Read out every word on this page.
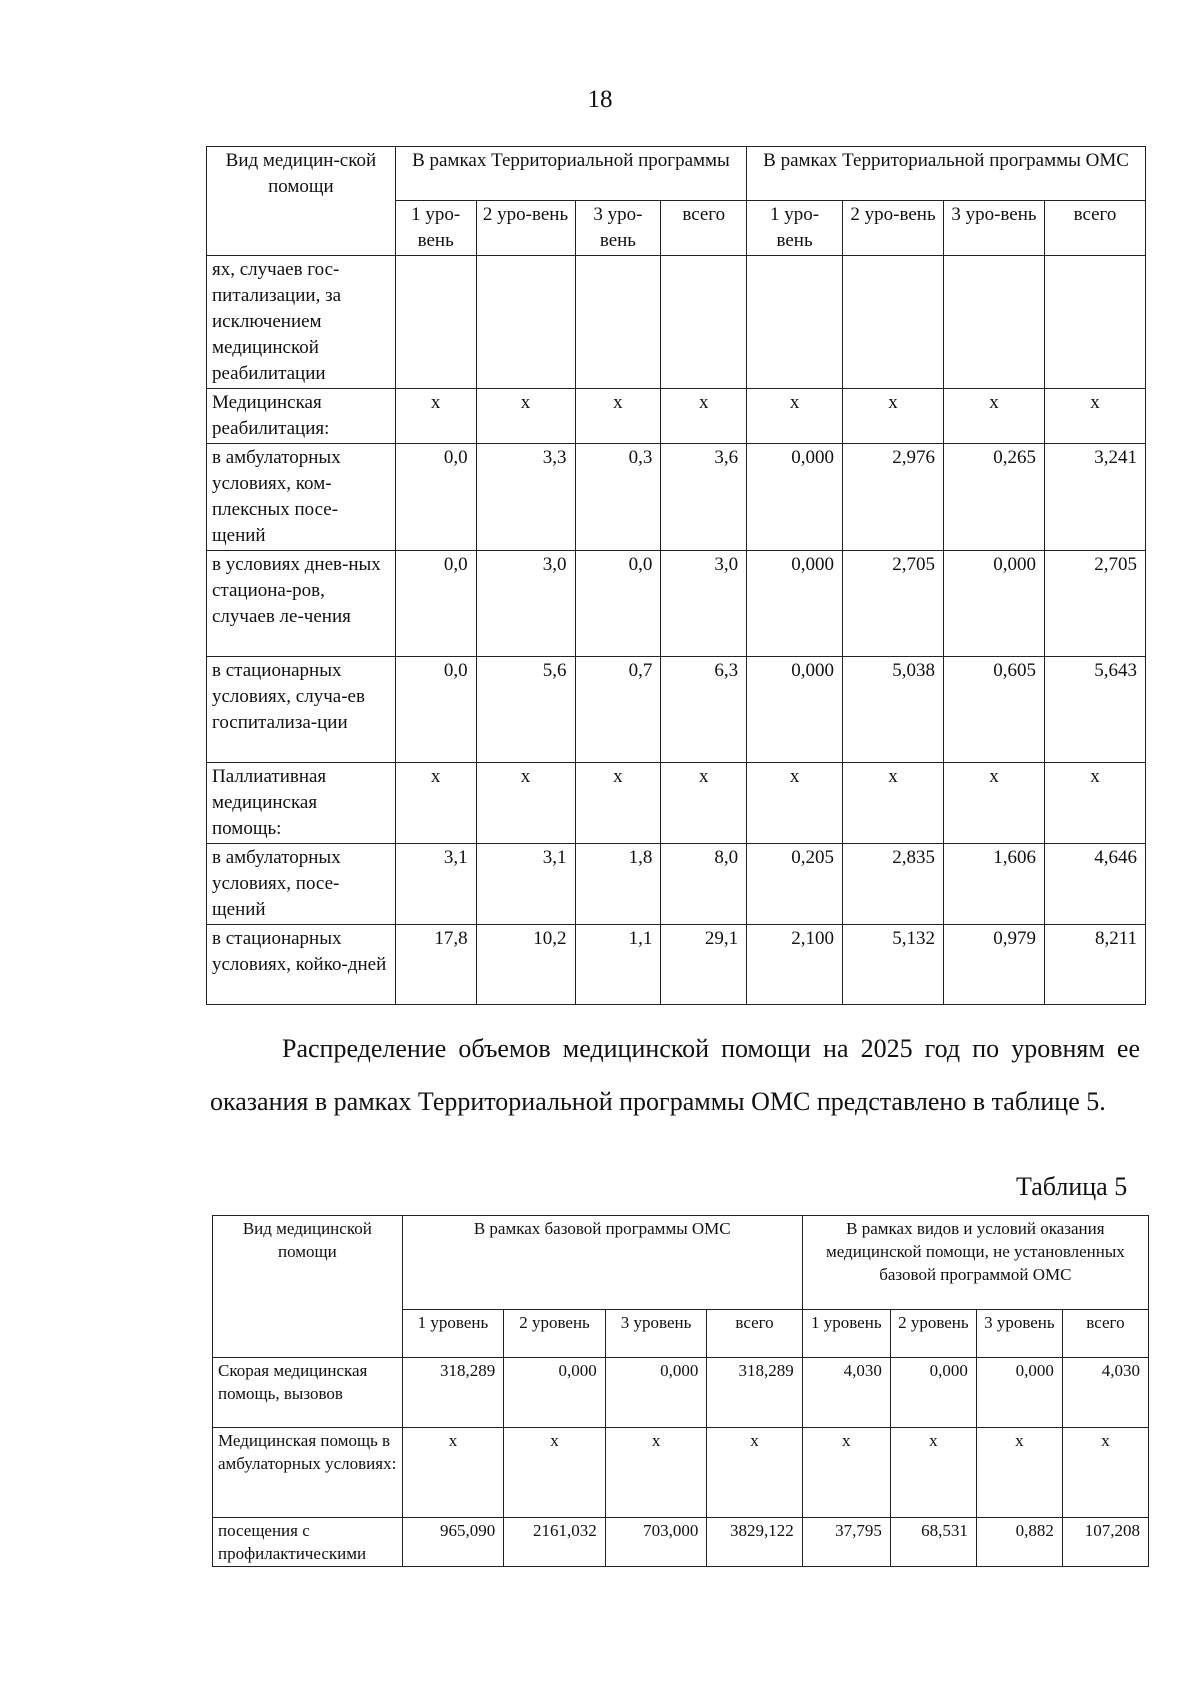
18
Вид медицин-ской помощи	В рамках Территориальной программы				В рамках Территориальной программы ОМС			
	1 уро-вень	2 уро-вень	3 уро-вень	всего	1 уро-вень	2 уро-вень	3 уро-вень	всего
ях, случаев гос-питализации, за исключением медицинской реабилитации								
Медицинская реабилитация:	х	х	х	х	х	х	х	х
в амбулаторных условиях, ком-плексных посе-щений	0,0	3,3	0,3	3,6	0,000	2,976	0,265	3,241
в условиях днев-ных стациона-ров, случаев ле-чения	0,0	3,0	0,0	3,0	0,000	2,705	0,000	2,705
в стационарных условиях, случа-ев госпитализа-ции	0,0	5,6	0,7	6,3	0,000	5,038	0,605	5,643
Паллиативная медицинская помощь:	х	х	х	х	х	х	х	х
в амбулаторных условиях, посе-щений	3,1	3,1	1,8	8,0	0,205	2,835	1,606	4,646
в стационарных условиях, койко-дней	17,8	10,2	1,1	29,1	2,100	5,132	0,979	8,211
Распределение объемов медицинской помощи на 2025 год по уровням ее оказания в рамках Территориальной программы ОМС представлено в таблице 5.
Таблица 5
Вид медицинской помощи	В рамках базовой программы ОМС				В рамках видов и условий оказания медицинской помощи, не установленных базовой программой ОМС			
	1 уровень	2 уровень	3 уровень	всего	1 уровень	2 уровень	3 уровень	всего
Скорая медицинская помощь, вызовов	318,289	0,000	0,000	318,289	4,030	0,000	0,000	4,030
Медицинская помощь в амбулаторных условиях:	х	х	х	х	х	х	х	х
посещения с профилактическими	965,090	2161,032	703,000	3829,122	37,795	68,531	0,882	107,208
